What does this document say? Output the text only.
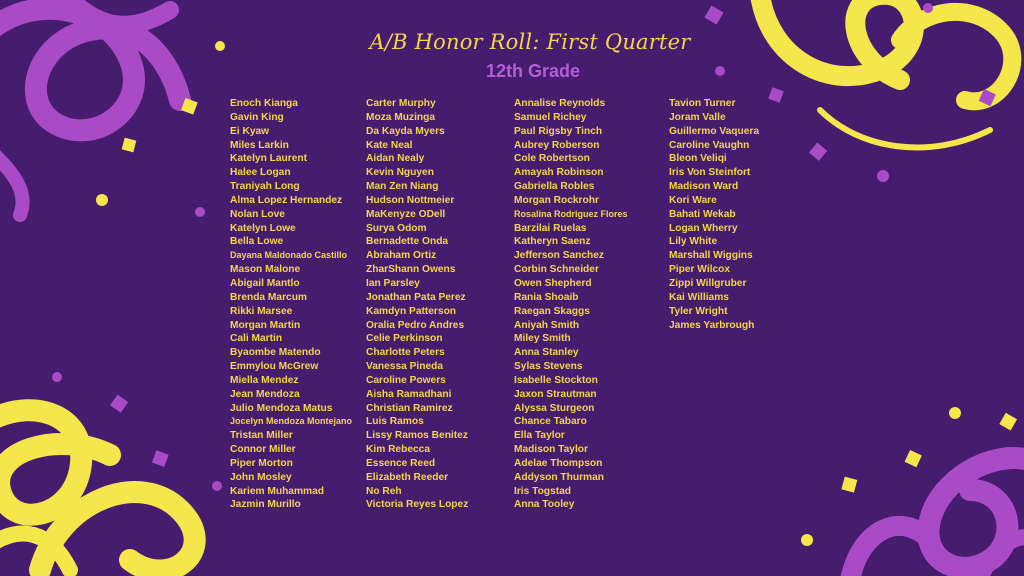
A/B Honor Roll: First Quarter
12th Grade
Enoch Kianga
Gavin King
Ei Kyaw
Miles Larkin
Katelyn Laurent
Halee Logan
Traniyah Long
Alma Lopez Hernandez
Nolan Love
Katelyn Lowe
Bella Lowe
Dayana Maldonado Castillo
Mason Malone
Abigail Mantlo
Brenda Marcum
Rikki Marsee
Morgan Martin
Cali Martin
Byaombe Matendo
Emmylou McGrew
Miella Mendez
Jean Mendoza
Julio Mendoza Matus
Jocelyn Mendoza Montejano
Tristan Miller
Connor Miller
Piper Morton
John Mosley
Kariem Muhammad
Jazmin Murillo
Carter Murphy
Moza Muzinga
Da Kayda Myers
Kate Neal
Aidan Nealy
Kevin Nguyen
Man Zen Niang
Hudson Nottmeier
MaKenyze ODell
Surya Odom
Bernadette Onda
Abraham Ortiz
ZharShann Owens
Ian Parsley
Jonathan Pata Perez
Kamdyn Patterson
Oralia Pedro Andres
Celie Perkinson
Charlotte Peters
Vanessa Pineda
Caroline Powers
Aisha Ramadhani
Christian Ramirez
Luis Ramos
Lissy Ramos Benitez
Kim Rebecca
Essence Reed
Elizabeth Reeder
No Reh
Victoria Reyes Lopez
Annalise Reynolds
Samuel Richey
Paul Rigsby Tinch
Aubrey Roberson
Cole Robertson
Amayah Robinson
Gabriella Robles
Morgan Rockrohr
Rosalina Rodriguez Flores
Barzilai Ruelas
Katheryn Saenz
Jefferson Sanchez
Corbin Schneider
Owen Shepherd
Rania Shoaib
Raegan Skaggs
Aniyah Smith
Miley Smith
Anna Stanley
Sylas Stevens
Isabelle Stockton
Jaxon Strautman
Alyssa Sturgeon
Chance Tabaro
Ella Taylor
Madison Taylor
Adelae Thompson
Addyson Thurman
Iris Togstad
Anna Tooley
Tavion Turner
Joram Valle
Guillermo Vaquera
Caroline Vaughn
Bleon Veliqi
Iris Von Steinfort
Madison Ward
Kori Ware
Bahati Wekab
Logan Wherry
Lily White
Marshall Wiggins
Piper Wilcox
Zippi Willgruber
Kai Williams
Tyler Wright
James Yarbrough
